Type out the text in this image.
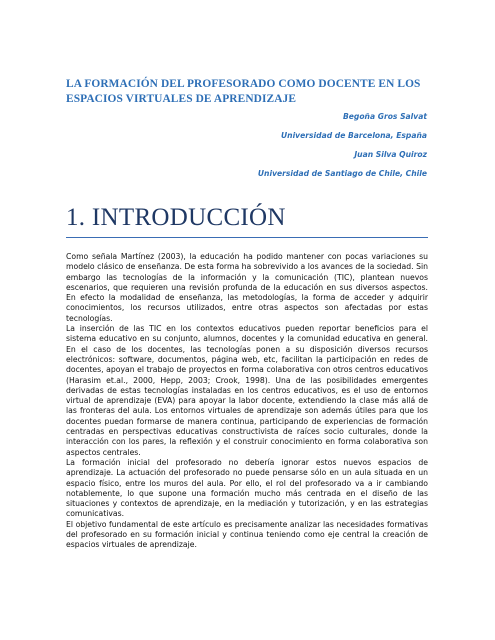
LA FORMACIÓN DEL PROFESORADO COMO DOCENTE EN LOS ESPACIOS VIRTUALES DE APRENDIZAJE
Begoña Gros Salvat
Universidad de Barcelona, España
Juan Silva Quiroz
Universidad de Santiago de Chile, Chile
1. INTRODUCCIÓN

Como señala Martínez (2003), la educación ha podido mantener con pocas variaciones su modelo clásico de enseñanza. De esta forma ha sobrevivido a los avances de la sociedad. Sin embargo las tecnologías de la información y la comunicación (TIC), plantean nuevos escenarios, que requieren una revisión profunda de la educación en sus diversos aspectos. En efecto la modalidad de enseñanza, las metodologías, la forma de acceder y adquirir conocimientos, los recursos utilizados, entre otras aspectos son afectadas por estas tecnologías.

La inserción de las TIC en los contextos educativos pueden reportar beneficios para el sistema educativo en su conjunto, alumnos, docentes y la comunidad educativa en general. En el caso de los docentes, las tecnologías ponen a su disposición diversos recursos electrónicos: software, documentos, página web, etc, facilitan la participación en redes de docentes, apoyan el trabajo de proyectos en forma colaborativa con otros centros educativos (Harasim et.al., 2000, Hepp, 2003; Crook, 1998). Una de las posibilidades emergentes derivadas de estas tecnologías instaladas en los centros educativos, es el uso de entornos virtual de aprendizaje (EVA) para apoyar la labor docente, extendiendo la clase más allá de las fronteras del aula. Los entornos virtuales de aprendizaje son además útiles para que los docentes puedan formarse de manera continua, participando de experiencias de formación centradas en perspectivas educativas constructivista de raíces socio culturales, donde la interacción con los pares, la reflexión y el construir conocimiento en forma colaborativa son aspectos centrales.

La formación inicial del profesorado no debería ignorar estos nuevos espacios de aprendizaje. La actuación del profesorado no puede pensarse sólo en un aula situada en un espacio físico, entre los muros del aula. Por ello, el rol del profesorado va a ir cambiando notablemente, lo que supone una formación mucho más centrada en el diseño de las situaciones y contextos de aprendizaje, en la mediación y tutorización, y en las estrategias comunicativas.

El objetivo fundamental de este artículo es precisamente analizar las necesidades formativas del profesorado en su formación inicial y continua teniendo como eje central la creación de espacios virtuales de aprendizaje.
